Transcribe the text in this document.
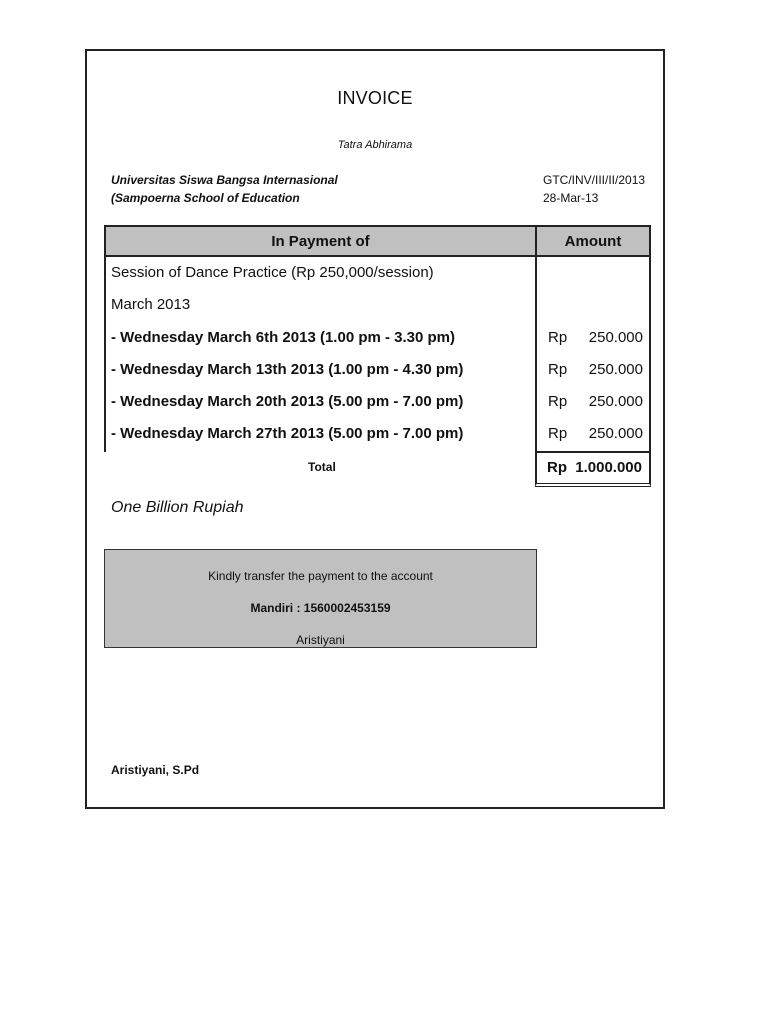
INVOICE
Tatra Abhirama
Universitas Siswa Bangsa Internasional
(Sampoerna School of Education
GTC/INV/III/II/2013
28-Mar-13
In Payment of	Amount
Session of Dance Practice (Rp 250,000/session)
March 2013
- Wednesday March 6th 2013 (1.00 pm - 3.30 pm)	Rp 250.000
- Wednesday March 13th 2013 (1.00 pm - 4.30 pm)	Rp 250.000
- Wednesday March 20th 2013 (5.00 pm - 7.00 pm)	Rp 250.000
- Wednesday March 27th 2013 (5.00 pm - 7.00 pm)	Rp 250.000
Total	Rp 1.000.000
One Billion Rupiah
Kindly transfer the payment to the account
Mandiri : 1560002453159
Aristiyani
Aristiyani, S.Pd
